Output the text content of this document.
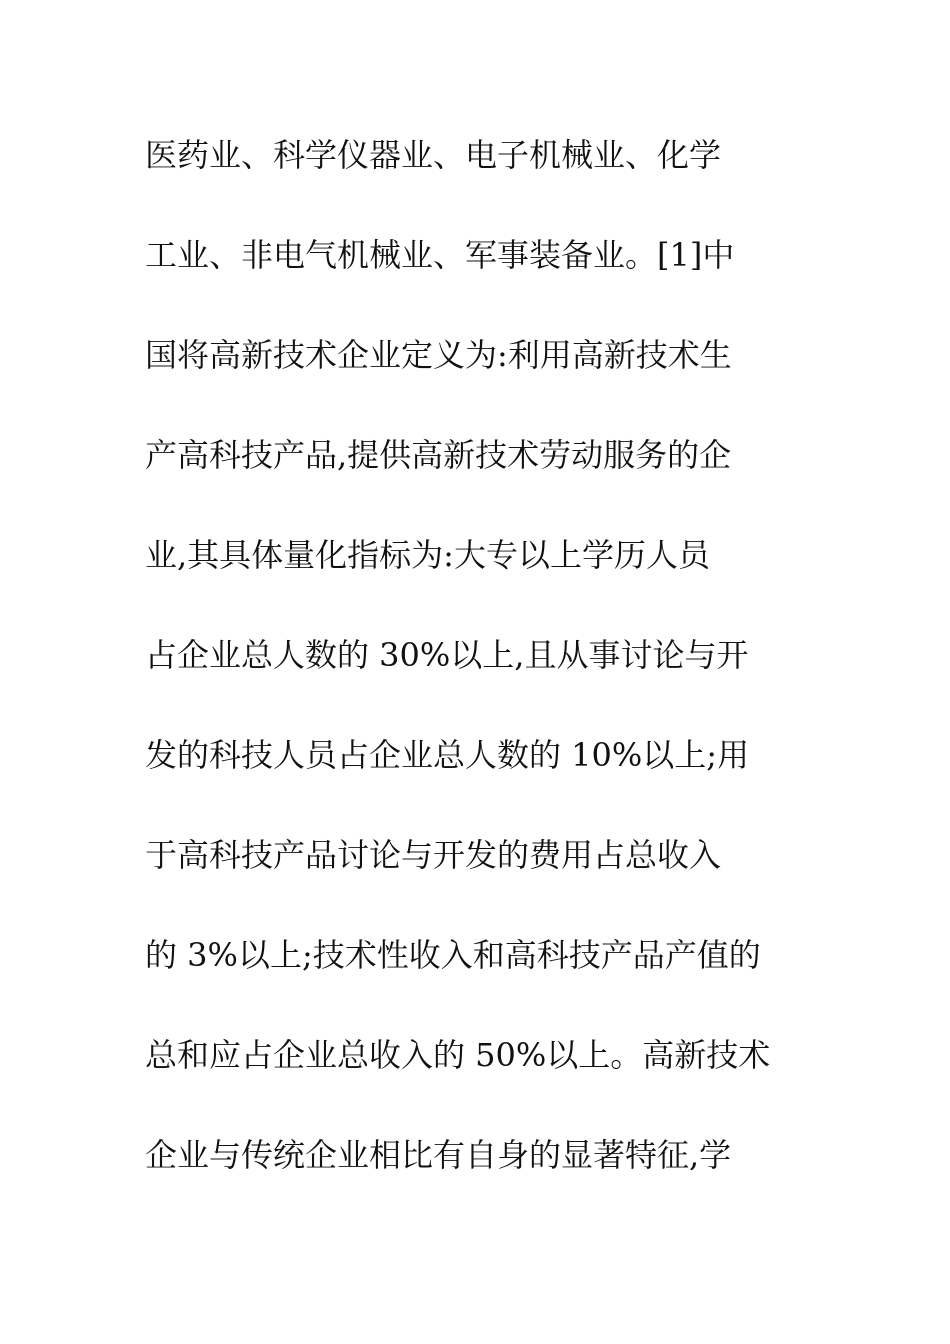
医药业、科学仪器业、电子机械业、化学
工业、非电气机械业、军事装备业。[1]中
国将高新技术企业定义为:利用高新技术生
产高科技产品,提供高新技术劳动服务的企
业,其具体量化指标为:大专以上学历人员
占企业总人数的 30%以上,且从事讨论与开
发的科技人员占企业总人数的 10%以上;用
于高科技产品讨论与开发的费用占总收入
的 3%以上;技术性收入和高科技产品产值的
总和应占企业总收入的 50%以上。高新技术
企业与传统企业相比有自身的显著特征,学
